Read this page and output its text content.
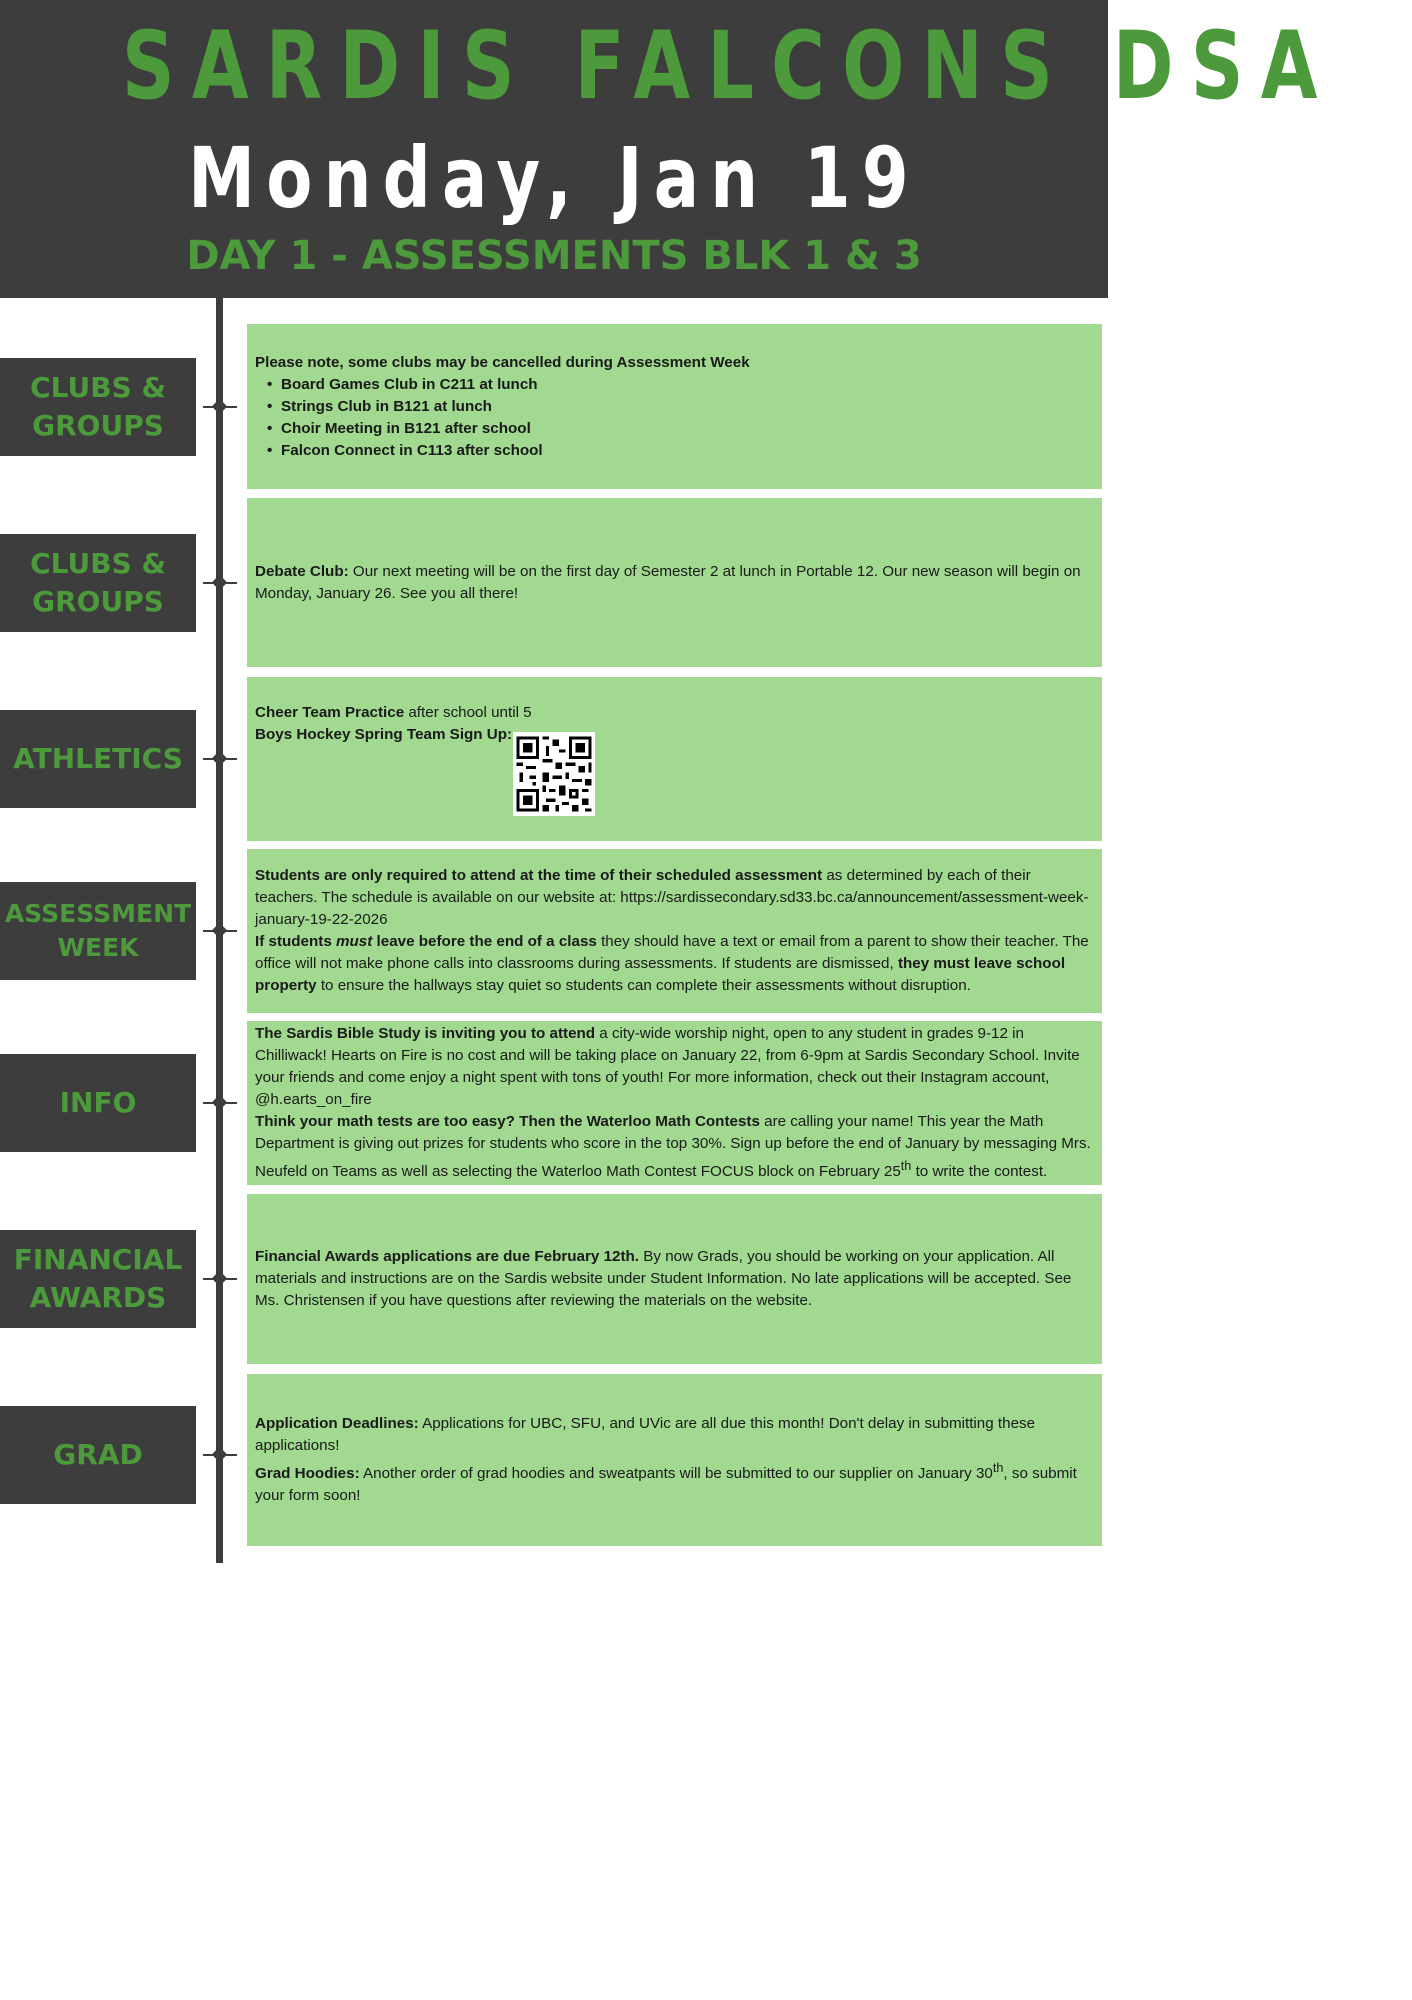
SARDIS FALCONS DSA
Monday, Jan 19
DAY 1 - ASSESSMENTS BLK 1 & 3
CLUBS &
GROUPS

Please note, some clubs may be cancelled during Assessment Week

• Board Games Club in C211 at lunch
• Strings Club in B121 at lunch
• Choir Meeting in B121 after school
• Falcon Connect in C113 after school
CLUBS &
GROUPS

Debate Club: Our next meeting will be on the first day of Semester 2 at lunch in Portable 12. Our new season will begin on Monday, January 26. See you all there!

ATHLETICS

Cheer Team Practice after school until 5

Boys Hockey Spring Team Sign Up:

ASSESSMENT
WEEK

Students are only required to attend at the time of their scheduled assessment as determined by each of their teachers. The schedule is available on our website at: https://sardissecondary.sd33.bc.ca/announcement/assessment-week-january-19-22-2026

If students must leave before the end of a class they should have a text or email from a parent to show their teacher. The office will not make phone calls into classrooms during assessments. If students are dismissed, they must leave school property to ensure the hallways stay quiet so students can complete their assessments without disruption.

INFO

The Sardis Bible Study is inviting you to attend a city-wide worship night, open to any student in grades 9-12 in Chilliwack! Hearts on Fire is no cost and will be taking place on January 22, from 6-9pm at Sardis Secondary School. Invite your friends and come enjoy a night spent with tons of youth! For more information, check out their Instagram account, @h.earts_on_fire

Think your math tests are too easy? Then the Waterloo Math Contests are calling your name! This year the Math Department is giving out prizes for students who score in the top 30%. Sign up before the end of January by messaging Mrs. Neufeld on Teams as well as selecting the Waterloo Math Contest FOCUS block on February 25th to write the contest.

FINANCIAL
AWARDS

Financial Awards applications are due February 12th. By now Grads, you should be working on your application. All materials and instructions are on the Sardis website under Student Information. No late applications will be accepted. See Ms. Christensen if you have questions after reviewing the materials on the website.

GRAD

Application Deadlines: Applications for UBC, SFU, and UVic are all due this month! Don't delay in submitting these applications!

Grad Hoodies: Another order of grad hoodies and sweatpants will be submitted to our supplier on January 30th, so submit your form soon!
